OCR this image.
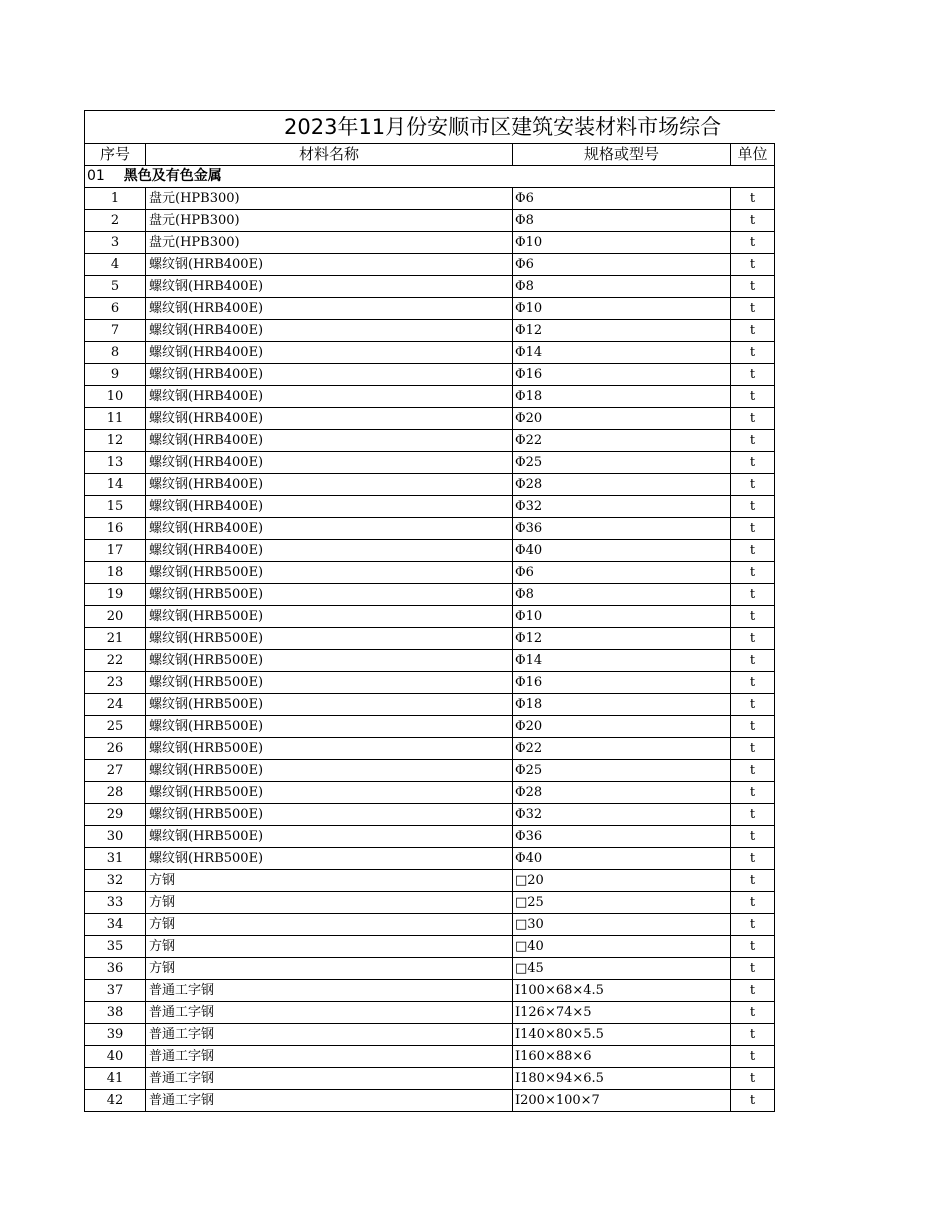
2023年11月份安顺市区建筑安装材料市场综合			
序号	材料名称	规格或型号	单位
01 黑色及有色金属			
1	盘元(HPB300)	Φ6	t
2	盘元(HPB300)	Φ8	t
3	盘元(HPB300)	Φ10	t
4	螺纹钢(HRB400E)	Φ6	t
5	螺纹钢(HRB400E)	Φ8	t
6	螺纹钢(HRB400E)	Φ10	t
7	螺纹钢(HRB400E)	Φ12	t
8	螺纹钢(HRB400E)	Φ14	t
9	螺纹钢(HRB400E)	Φ16	t
10	螺纹钢(HRB400E)	Φ18	t
11	螺纹钢(HRB400E)	Φ20	t
12	螺纹钢(HRB400E)	Φ22	t
13	螺纹钢(HRB400E)	Φ25	t
14	螺纹钢(HRB400E)	Φ28	t
15	螺纹钢(HRB400E)	Φ32	t
16	螺纹钢(HRB400E)	Φ36	t
17	螺纹钢(HRB400E)	Φ40	t
18	螺纹钢(HRB500E)	Φ6	t
19	螺纹钢(HRB500E)	Φ8	t
20	螺纹钢(HRB500E)	Φ10	t
21	螺纹钢(HRB500E)	Φ12	t
22	螺纹钢(HRB500E)	Φ14	t
23	螺纹钢(HRB500E)	Φ16	t
24	螺纹钢(HRB500E)	Φ18	t
25	螺纹钢(HRB500E)	Φ20	t
26	螺纹钢(HRB500E)	Φ22	t
27	螺纹钢(HRB500E)	Φ25	t
28	螺纹钢(HRB500E)	Φ28	t
29	螺纹钢(HRB500E)	Φ32	t
30	螺纹钢(HRB500E)	Φ36	t
31	螺纹钢(HRB500E)	Φ40	t
32	方钢	□20	t
33	方钢	□25	t
34	方钢	□30	t
35	方钢	□40	t
36	方钢	□45	t
37	普通工字钢	I100×68×4.5	t
38	普通工字钢	I126×74×5	t
39	普通工字钢	I140×80×5.5	t
40	普通工字钢	I160×88×6	t
41	普通工字钢	I180×94×6.5	t
42	普通工字钢	I200×100×7	t
